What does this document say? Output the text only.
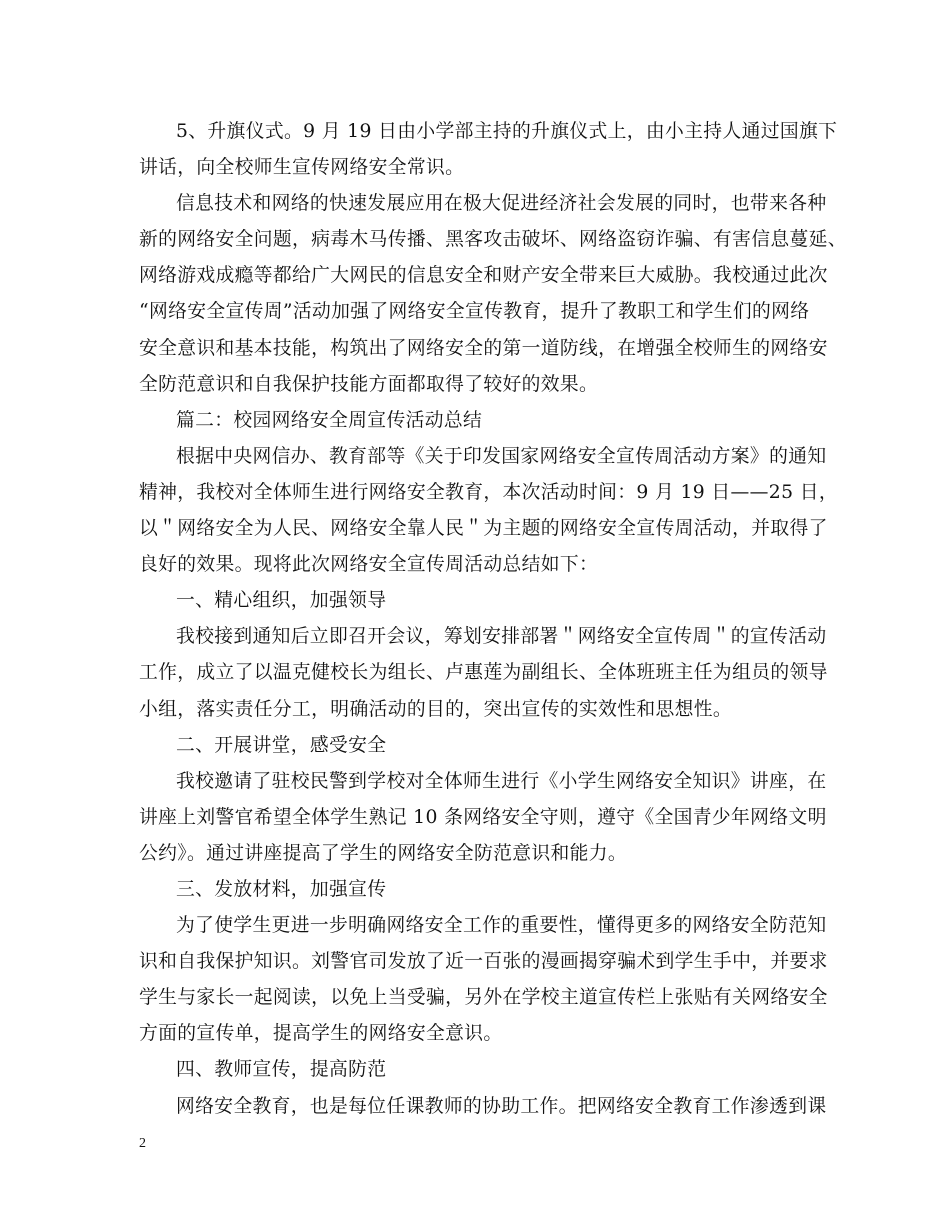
5、升旗仪式。9 月 19 日由小学部主持的升旗仪式上，由小主持人通过国旗下
讲话，向全校师生宣传网络安全常识。
信息技术和网络的快速发展应用在极大促进经济社会发展的同时，也带来各种
新的网络安全问题，病毒木马传播、黑客攻击破坏、网络盗窃诈骗、有害信息蔓延、
网络游戏成瘾等都给广大网民的信息安全和财产安全带来巨大威胁。我校通过此次
“网络安全宣传周”活动加强了网络安全宣传教育，提升了教职工和学生们的网络
安全意识和基本技能，构筑出了网络安全的第一道防线，在增强全校师生的网络安
全防范意识和自我保护技能方面都取得了较好的效果。
篇二：校园网络安全周宣传活动总结
根据中央网信办、教育部等《关于印发国家网络安全宣传周活动方案》的通知
精神，我校对全体师生进行网络安全教育，本次活动时间：9 月 19 日——25 日，
以＂网络安全为人民、网络安全靠人民＂为主题的网络安全宣传周活动，并取得了
良好的效果。现将此次网络安全宣传周活动总结如下：
一、精心组织，加强领导
我校接到通知后立即召开会议，筹划安排部署＂网络安全宣传周＂的宣传活动
工作，成立了以温克健校长为组长、卢惠莲为副组长、全体班班主任为组员的领导
小组，落实责任分工，明确活动的目的，突出宣传的实效性和思想性。
二、开展讲堂，感受安全
我校邀请了驻校民警到学校对全体师生进行《小学生网络安全知识》讲座，在
讲座上刘警官希望全体学生熟记 10 条网络安全守则，遵守《全国青少年网络文明
公约》。通过讲座提高了学生的网络安全防范意识和能力。
三、发放材料，加强宣传
为了使学生更进一步明确网络安全工作的重要性，懂得更多的网络安全防范知
识和自我保护知识。刘警官司发放了近一百张的漫画揭穿骗术到学生手中，并要求
学生与家长一起阅读，以免上当受骗，另外在学校主道宣传栏上张贴有关网络安全
方面的宣传单，提高学生的网络安全意识。
四、教师宣传，提高防范
网络安全教育，也是每位任课教师的协助工作。把网络安全教育工作渗透到课
2
